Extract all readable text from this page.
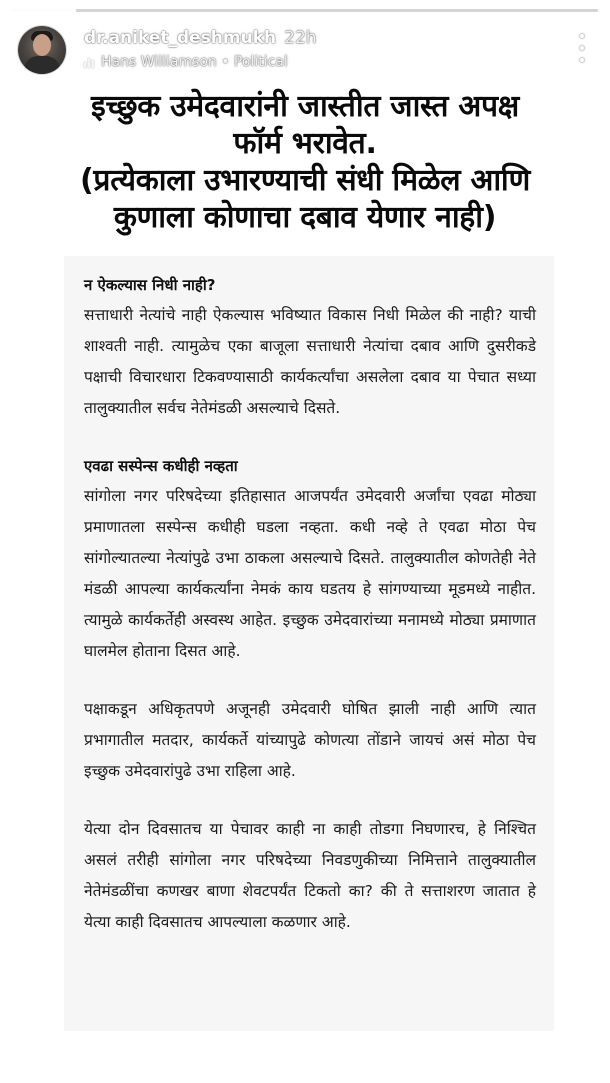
dr.aniket_deshmukh 22h
Hans Williamson • Political
इच्छुक उमेदवारांनी जास्तीत जास्त अपक्ष
फॉर्म भरावेत.
(प्रत्येकाला उभारण्याची संधी मिळेल आणि
कुणाला कोणाचा दबाव येणार नाही)
न ऐकल्यास निधी नाही?

सत्ताधारी नेत्यांचे नाही ऐकल्यास भविष्यात विकास निधी मिळेल की नाही? याची शाश्वती नाही. त्यामुळेच एका बाजूला सत्ताधारी नेत्यांचा दबाव आणि दुसरीकडे पक्षाची विचारधारा टिकवण्यासाठी कार्यकर्त्यांचा असलेला दबाव या पेचात सध्या तालुक्यातील सर्वच नेतेमंडळी असल्याचे दिसते.

एवढा सस्पेन्स कधीही नव्हता

सांगोला नगर परिषदेच्या इतिहासात आजपर्यंत उमेदवारी अर्जांचा एवढा मोठ्या प्रमाणातला सस्पेन्स कधीही घडला नव्हता. कधी नव्हे ते एवढा मोठा पेच सांगोल्यातल्या नेत्यांपुढे उभा ठाकला असल्याचे दिसते. तालुक्यातील कोणतेही नेते मंडळी आपल्या कार्यकर्त्यांना नेमकं काय घडतय हे सांगण्याच्या मूडमध्ये नाहीत. त्यामुळे कार्यकर्तेही अस्वस्थ आहेत. इच्छुक उमेदवारांच्या मनामध्ये मोठ्या प्रमाणात घालमेल होताना दिसत आहे.

पक्षाकडून अधिकृतपणे अजूनही उमेदवारी घोषित झाली नाही आणि त्यात प्रभागातील मतदार, कार्यकर्ते यांच्यापुढे कोणत्या तोंडाने जायचं असं मोठा पेच इच्छुक उमेदवारांपुढे उभा राहिला आहे.

येत्या दोन दिवसातच या पेचावर काही ना काही तोडगा निघणारच, हे निश्चित असलं तरीही सांगोला नगर परिषदेच्या निवडणुकीच्या निमित्ताने तालुक्यातील नेतेमंडळींचा कणखर बाणा शेवटपर्यंत टिकतो का? की ते सत्ताशरण जातात हे येत्या काही दिवसातच आपल्याला कळणार आहे.
